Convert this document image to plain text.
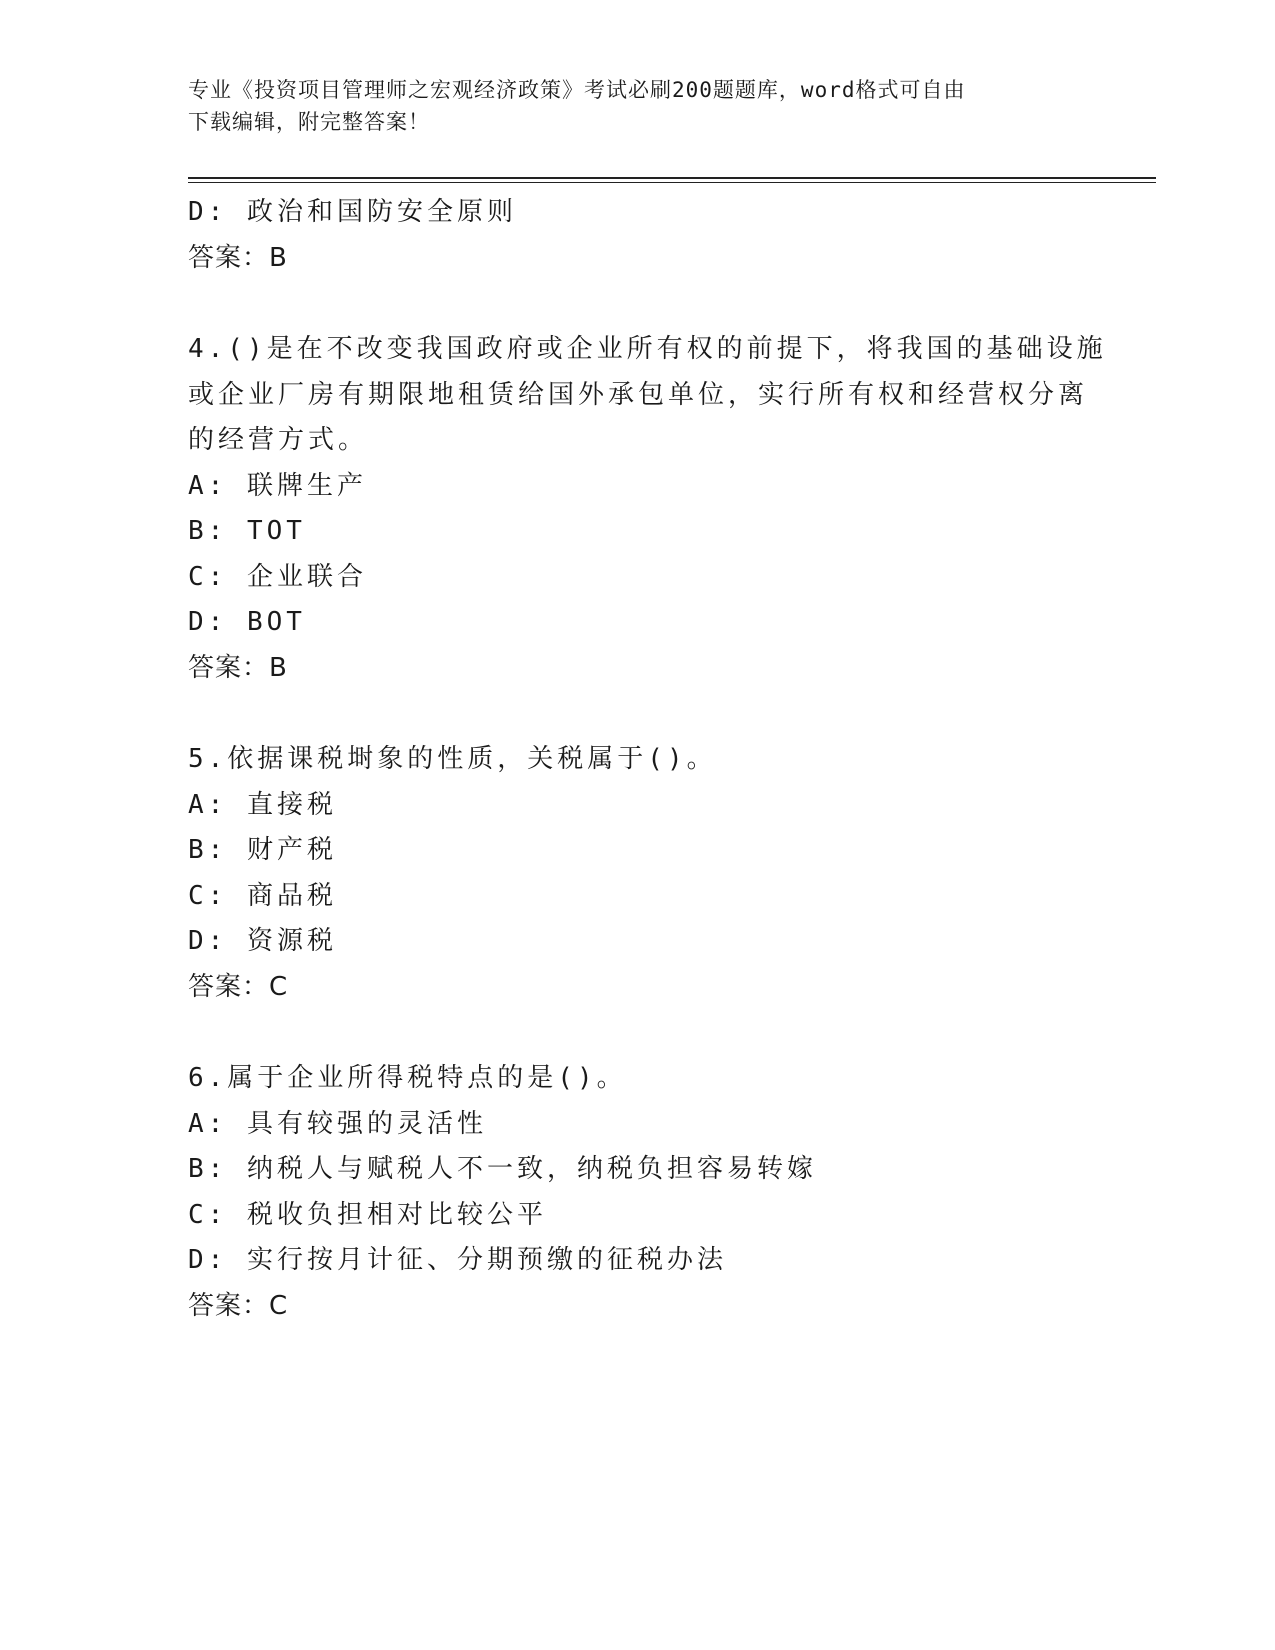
专业《投资项目管理师之宏观经济政策》考试必刷200题题库，word格式可自由
下载编辑，附完整答案！
D: 政治和国防安全原则
答案：B
4.()是在不改变我国政府或企业所有权的前提下，将我国的基础设施
或企业厂房有期限地租赁给国外承包单位，实行所有权和经营权分离
的经营方式。
A: 联牌生产
B: TOT
C: 企业联合
D: BOT
答案：B
5.依据课税埘象的性质，关税属于()。
A: 直接税
B: 财产税
C: 商品税
D: 资源税
答案：C
6.属于企业所得税特点的是()。
A: 具有较强的灵活性
B: 纳税人与赋税人不一致，纳税负担容易转嫁
C: 税收负担相对比较公平
D: 实行按月计征、分期预缴的征税办法
答案：C
